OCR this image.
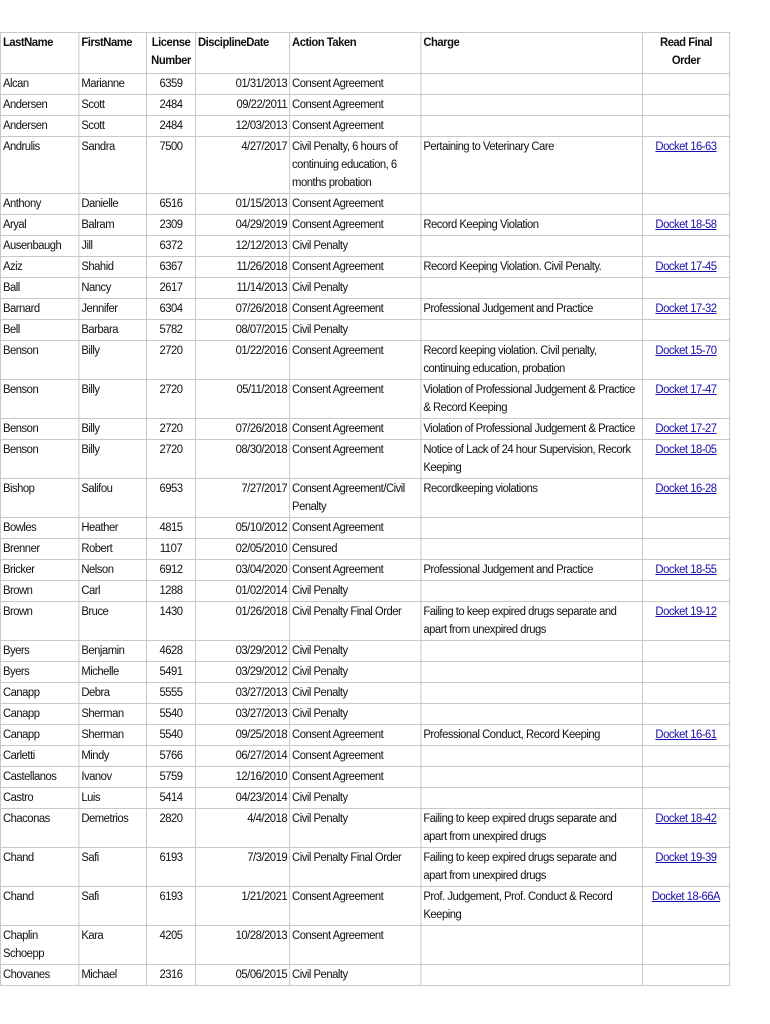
LastName	FirstName	License Number	DisciplineDate	Action Taken	Charge	Read Final Order
Alcan	Marianne	6359	01/31/2013	Consent Agreement		
Andersen	Scott	2484	09/22/2011	Consent Agreement		
Andersen	Scott	2484	12/03/2013	Consent Agreement		
Andrulis	Sandra	7500	4/27/2017	Civil Penalty, 6 hours of continuing education, 6 months probation	Pertaining to Veterinary Care	Docket 16-63
Anthony	Danielle	6516	01/15/2013	Consent Agreement		
Aryal	Balram	2309	04/29/2019	Consent Agreement	Record Keeping Violation	Docket 18-58
Ausenbaugh	Jill	6372	12/12/2013	Civil Penalty		
Aziz	Shahid	6367	11/26/2018	Consent Agreement	Record Keeping Violation. Civil Penalty.	Docket 17-45
Ball	Nancy	2617	11/14/2013	Civil Penalty		
Barnard	Jennifer	6304	07/26/2018	Consent Agreement	Professional Judgement and Practice	Docket 17-32
Bell	Barbara	5782	08/07/2015	Civil Penalty		
Benson	Billy	2720	01/22/2016	Consent Agreement	Record keeping violation. Civil penalty, continuing education, probation	Docket 15-70
Benson	Billy	2720	05/11/2018	Consent Agreement	Violation of Professional Judgement & Practice & Record Keeping	Docket 17-47
Benson	Billy	2720	07/26/2018	Consent Agreement	Violation of Professional Judgement & Practice	Docket 17-27
Benson	Billy	2720	08/30/2018	Consent Agreement	Notice of Lack of 24 hour Supervision, Recork Keeping	Docket 18-05
Bishop	Salifou	6953	7/27/2017	Consent Agreement/Civil Penalty	Recordkeeping violations	Docket 16-28
Bowles	Heather	4815	05/10/2012	Consent Agreement		
Brenner	Robert	1107	02/05/2010	Censured		
Bricker	Nelson	6912	03/04/2020	Consent Agreement	Professional Judgement and Practice	Docket 18-55
Brown	Carl	1288	01/02/2014	Civil Penalty		
Brown	Bruce	1430	01/26/2018	Civil Penalty Final Order	Failing to keep expired drugs separate and apart from unexpired drugs	Docket 19-12
Byers	Benjamin	4628	03/29/2012	Civil Penalty		
Byers	Michelle	5491	03/29/2012	Civil Penalty		
Canapp	Debra	5555	03/27/2013	Civil Penalty		
Canapp	Sherman	5540	03/27/2013	Civil Penalty		
Canapp	Sherman	5540	09/25/2018	Consent Agreement	Professional Conduct, Record Keeping	Docket 16-61
Carletti	Mindy	5766	06/27/2014	Consent Agreement		
Castellanos	Ivanov	5759	12/16/2010	Consent Agreement		
Castro	Luis	5414	04/23/2014	Civil Penalty		
Chaconas	Demetrios	2820	4/4/2018	Civil Penalty	Failing to keep expired drugs separate and apart from unexpired drugs	Docket 18-42
Chand	Safi	6193	7/3/2019	Civil Penalty Final Order	Failing to keep expired drugs separate and apart from unexpired drugs	Docket 19-39
Chand	Safi	6193	1/21/2021	Consent Agreement	Prof. Judgement, Prof. Conduct & Record Keeping	Docket 18-66A
Chaplin Schoepp	Kara	4205	10/28/2013	Consent Agreement		
Chovanes	Michael	2316	05/06/2015	Civil Penalty		
